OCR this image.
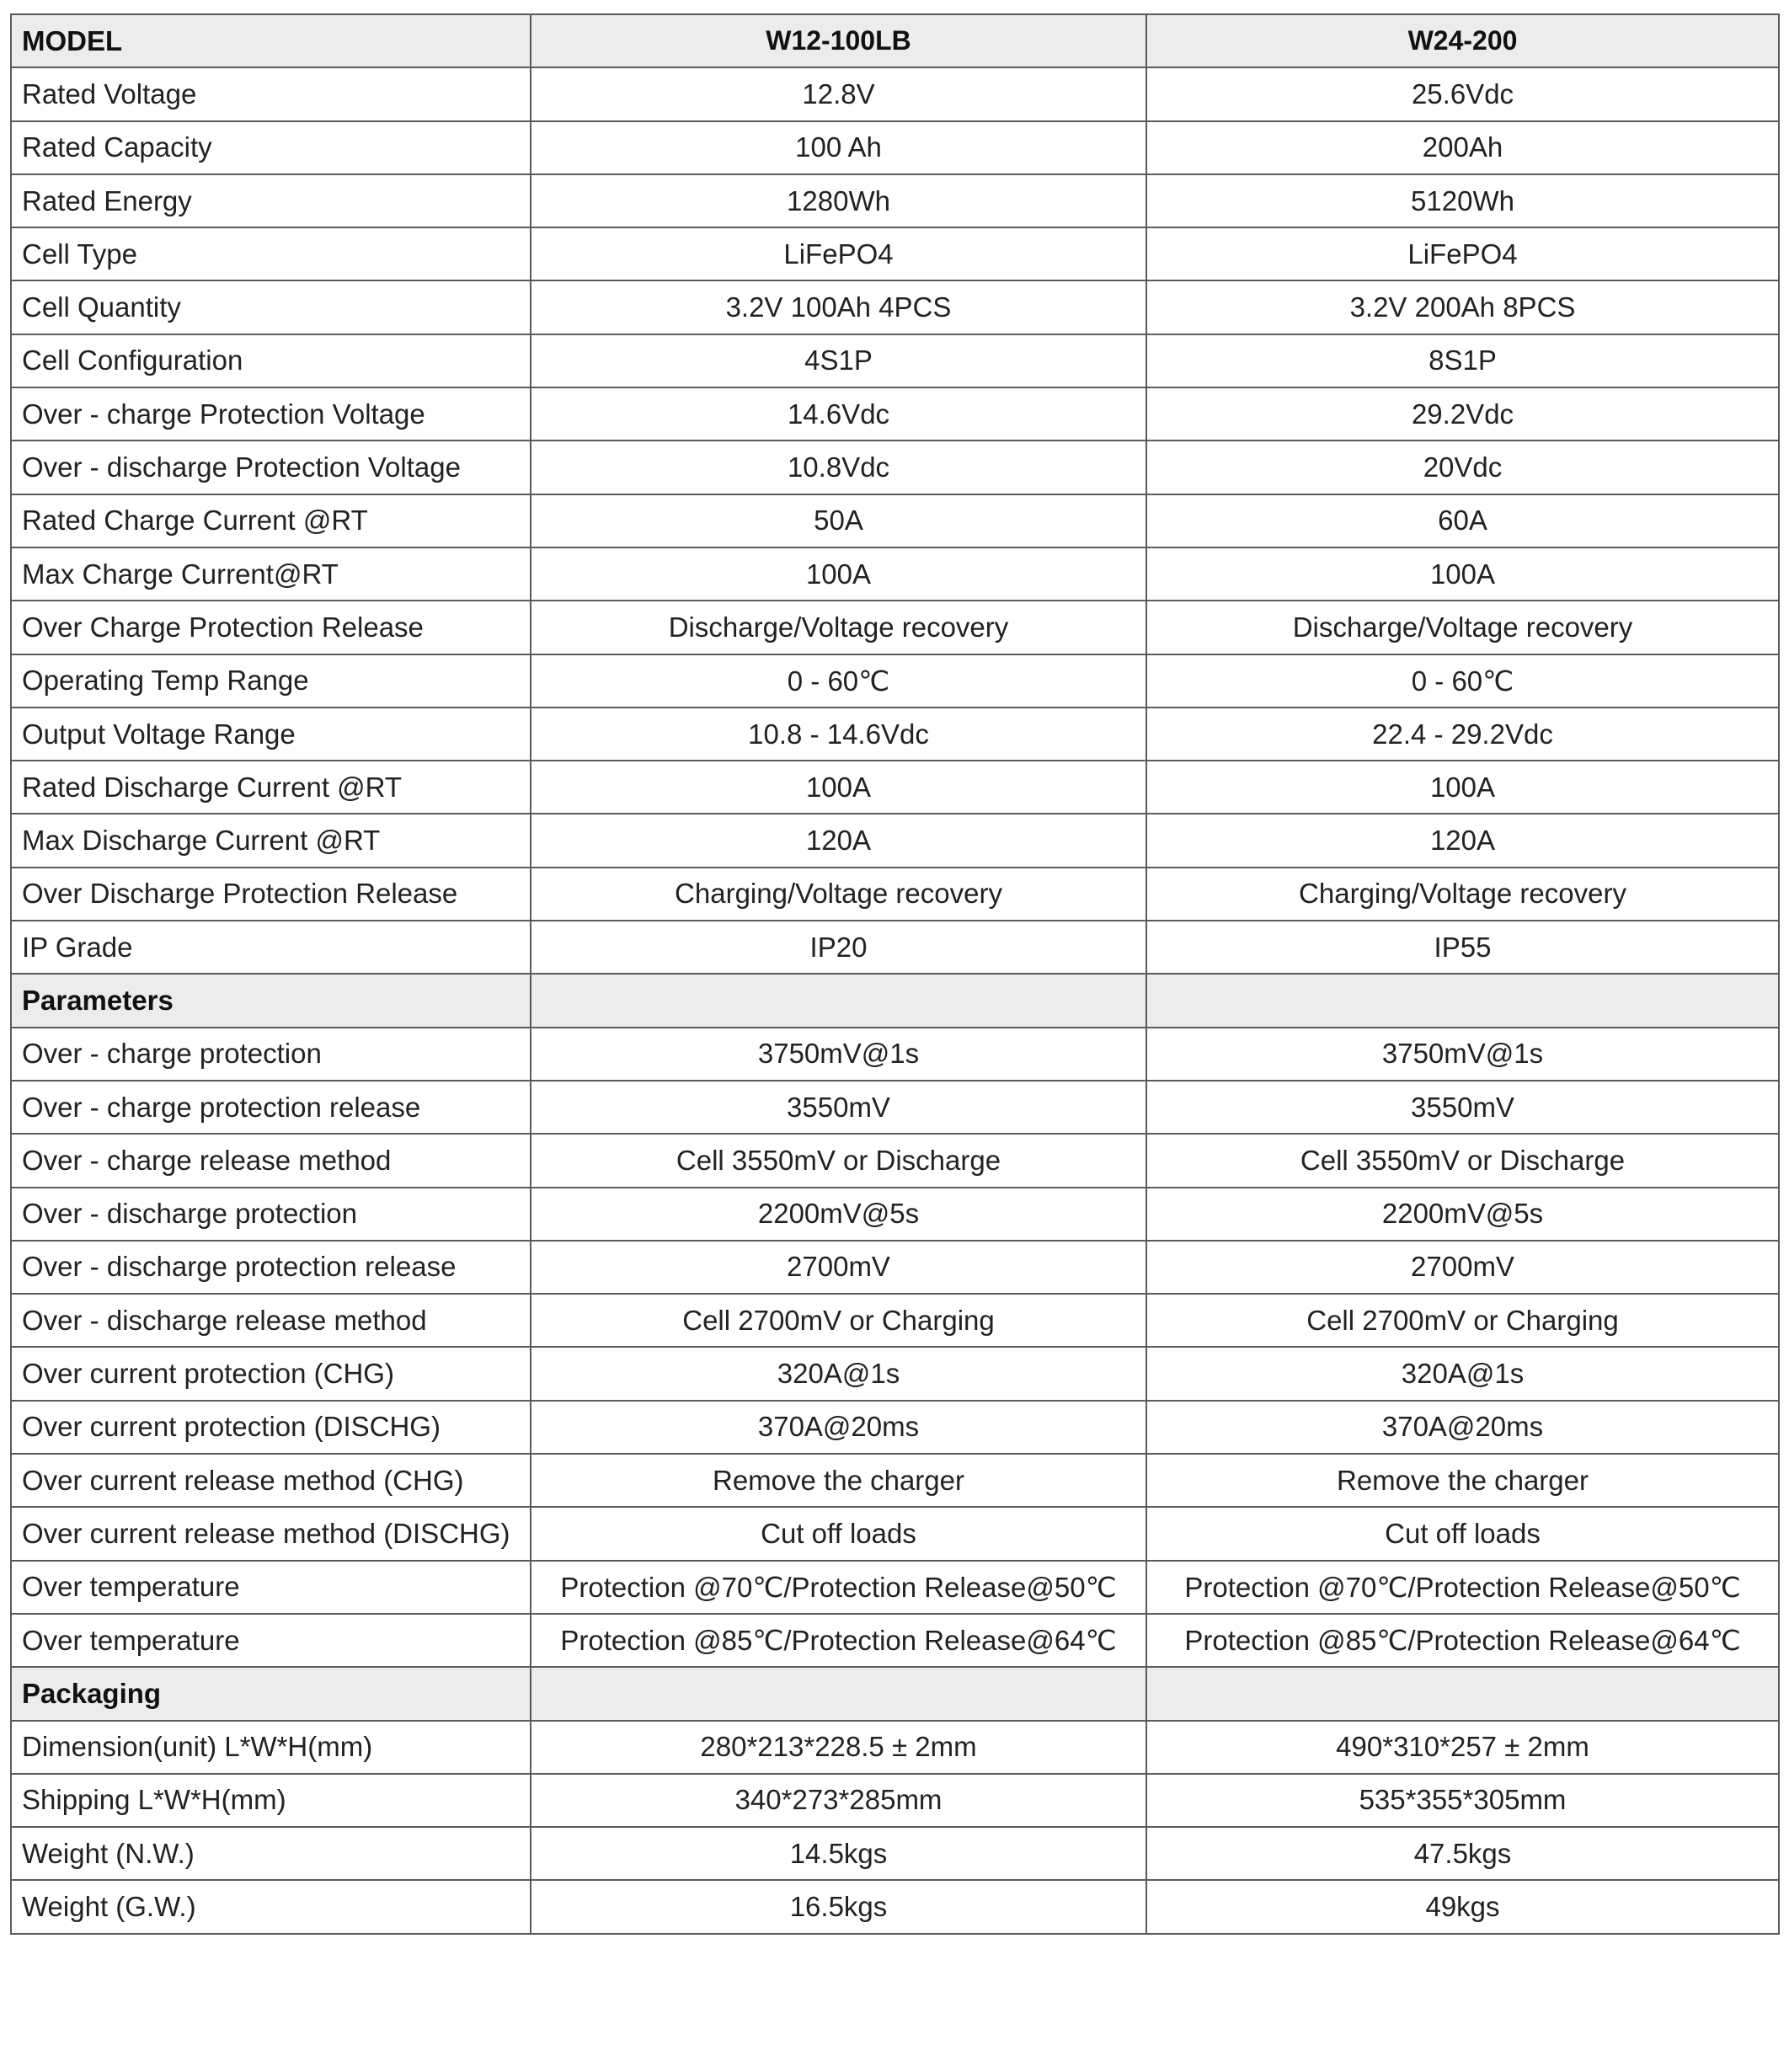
MODEL	W12-100LB	W24-200
Rated Voltage	12.8V	25.6Vdc
Rated Capacity	100 Ah	200Ah
Rated Energy	1280Wh	5120Wh
Cell Type	LiFePO4	LiFePO4
Cell Quantity	3.2V 100Ah 4PCS	3.2V 200Ah 8PCS
Cell Configuration	4S1P	8S1P
Over - charge Protection Voltage	14.6Vdc	29.2Vdc
Over - discharge Protection Voltage	10.8Vdc	20Vdc
Rated Charge Current @RT	50A	60A
Max Charge Current@RT	100A	100A
Over Charge Protection Release	Discharge/Voltage recovery	Discharge/Voltage recovery
Operating Temp Range	0 - 60℃	0 - 60℃
Output Voltage Range	10.8 - 14.6Vdc	22.4 - 29.2Vdc
Rated Discharge Current @RT	100A	100A
Max Discharge Current @RT	120A	120A
Over Discharge Protection Release	Charging/Voltage recovery	Charging/Voltage recovery
IP Grade	IP20	IP55
Parameters		
Over - charge protection	3750mV@1s	3750mV@1s
Over - charge protection release	3550mV	3550mV
Over - charge release method	Cell 3550mV or Discharge	Cell 3550mV or Discharge
Over - discharge protection	2200mV@5s	2200mV@5s
Over - discharge protection release	2700mV	2700mV
Over - discharge release method	Cell 2700mV or Charging	Cell 2700mV or Charging
Over current protection (CHG)	320A@1s	320A@1s
Over current protection (DISCHG)	370A@20ms	370A@20ms
Over current release method (CHG)	Remove the charger	Remove the charger
Over current release method (DISCHG)	Cut off loads	Cut off loads
Over temperature	Protection @70℃/Protection Release@50℃	Protection @70℃/Protection Release@50℃
Over temperature	Protection @85℃/Protection Release@64℃	Protection @85℃/Protection Release@64℃
Packaging		
Dimension(unit) L*W*H(mm)	280*213*228.5 ± 2mm	490*310*257 ± 2mm
Shipping L*W*H(mm)	340*273*285mm	535*355*305mm
Weight (N.W.)	14.5kgs	47.5kgs
Weight (G.W.)	16.5kgs	49kgs
